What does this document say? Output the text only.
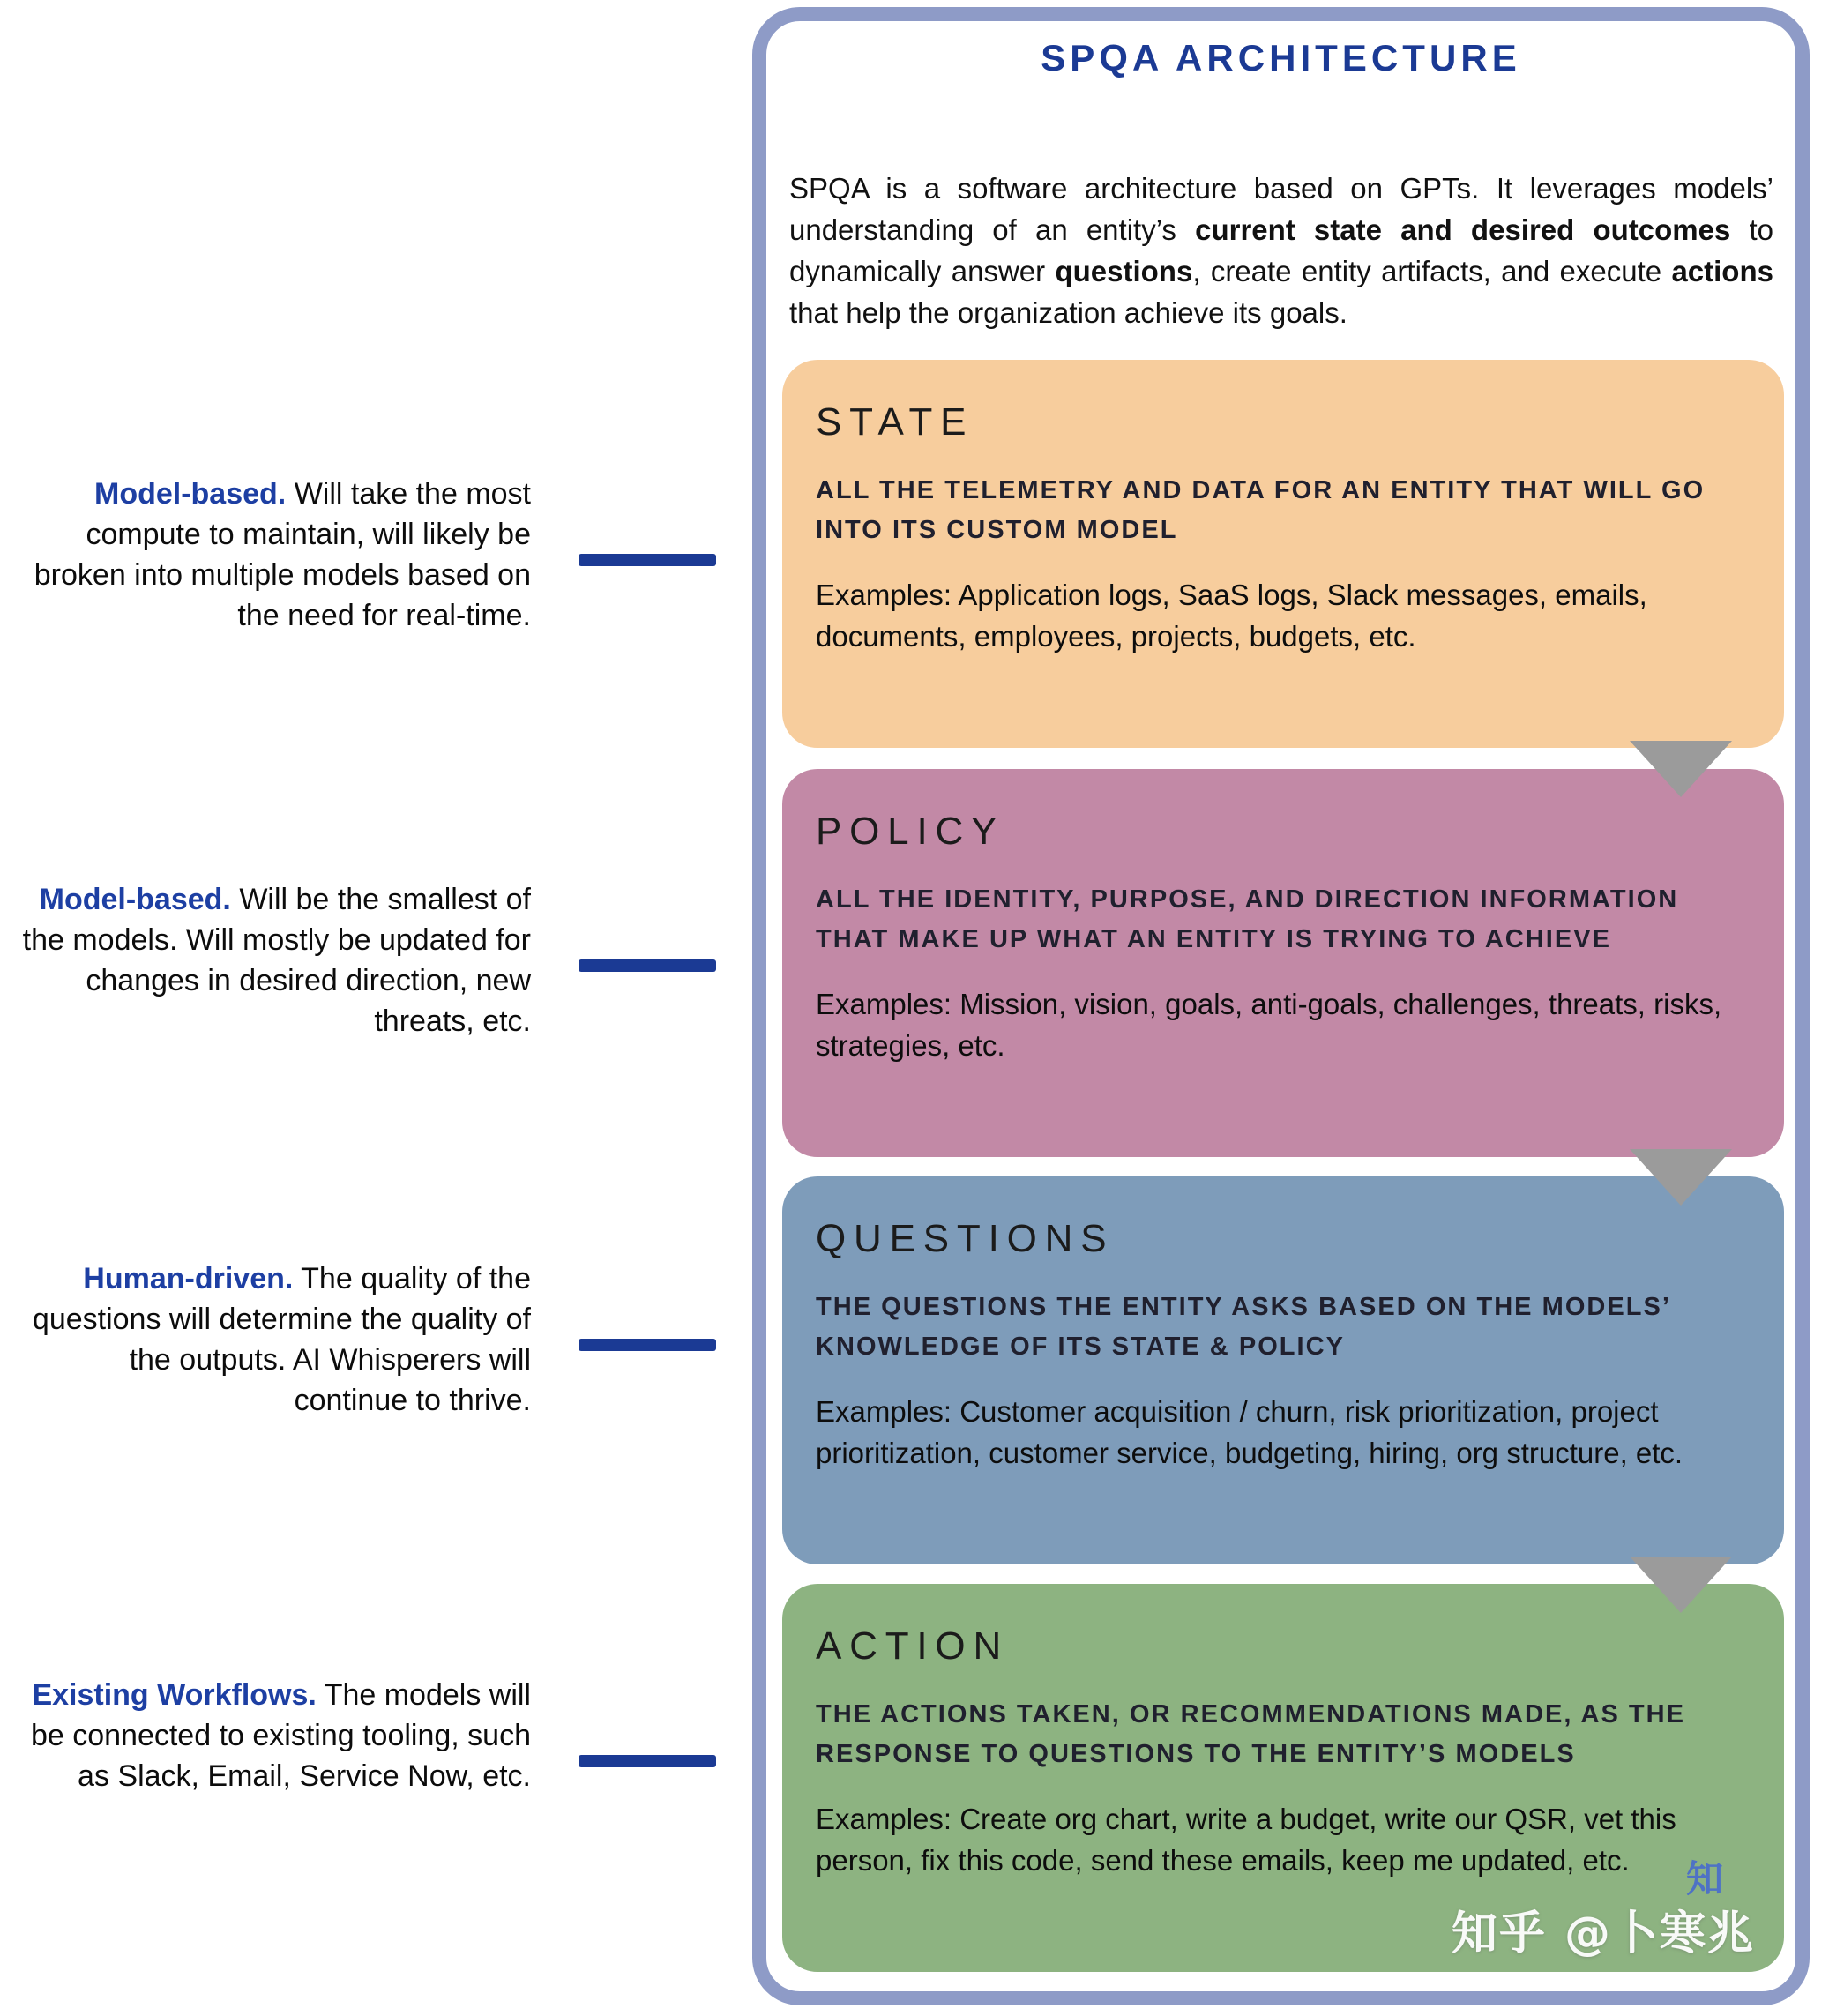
SPQA ARCHITECTURE

SPQA is a software architecture based on GPTs. It leverages models’ understanding of an entity’s current state and desired outcomes to dynamically answer questions, create entity artifacts, and execute actions that help the organization achieve its goals.

STATE
ALL THE TELEMETRY AND DATA FOR AN ENTITY THAT WILL GO INTO ITS CUSTOM MODEL
Examples: Application logs, SaaS logs, Slack messages, emails, documents, employees, projects, budgets, etc.
POLICY
ALL THE IDENTITY, PURPOSE, AND DIRECTION INFORMATION THAT MAKE UP WHAT AN ENTITY IS TRYING TO ACHIEVE
Examples: Mission, vision, goals, anti-goals, challenges, threats, risks, strategies, etc.
QUESTIONS
THE QUESTIONS THE ENTITY ASKS BASED ON THE MODELS’ KNOWLEDGE OF ITS STATE & POLICY
Examples: Customer acquisition / churn, risk prioritization, project prioritization, customer service, budgeting, hiring, org structure, etc.
ACTION
THE ACTIONS TAKEN, OR RECOMMENDATIONS MADE, AS THE RESPONSE TO QUESTIONS TO THE ENTITY’S MODELS
Examples: Create org chart, write a budget, write our QSR, vet this person, fix this code, send these emails, keep me updated, etc.
Model-based. Will take the most compute to maintain, will likely be broken into multiple models based on the need for real-time.
Model-based. Will be the smallest of the models. Will mostly be updated for changes in desired direction, new threats, etc.
Human-driven. The quality of the questions will determine the quality of the outputs. AI Whisperers will continue to thrive.
Existing Workflows. The models will be connected to existing tooling, such as Slack, Email, Service Now, etc.
知
知乎 @卜寒兆
